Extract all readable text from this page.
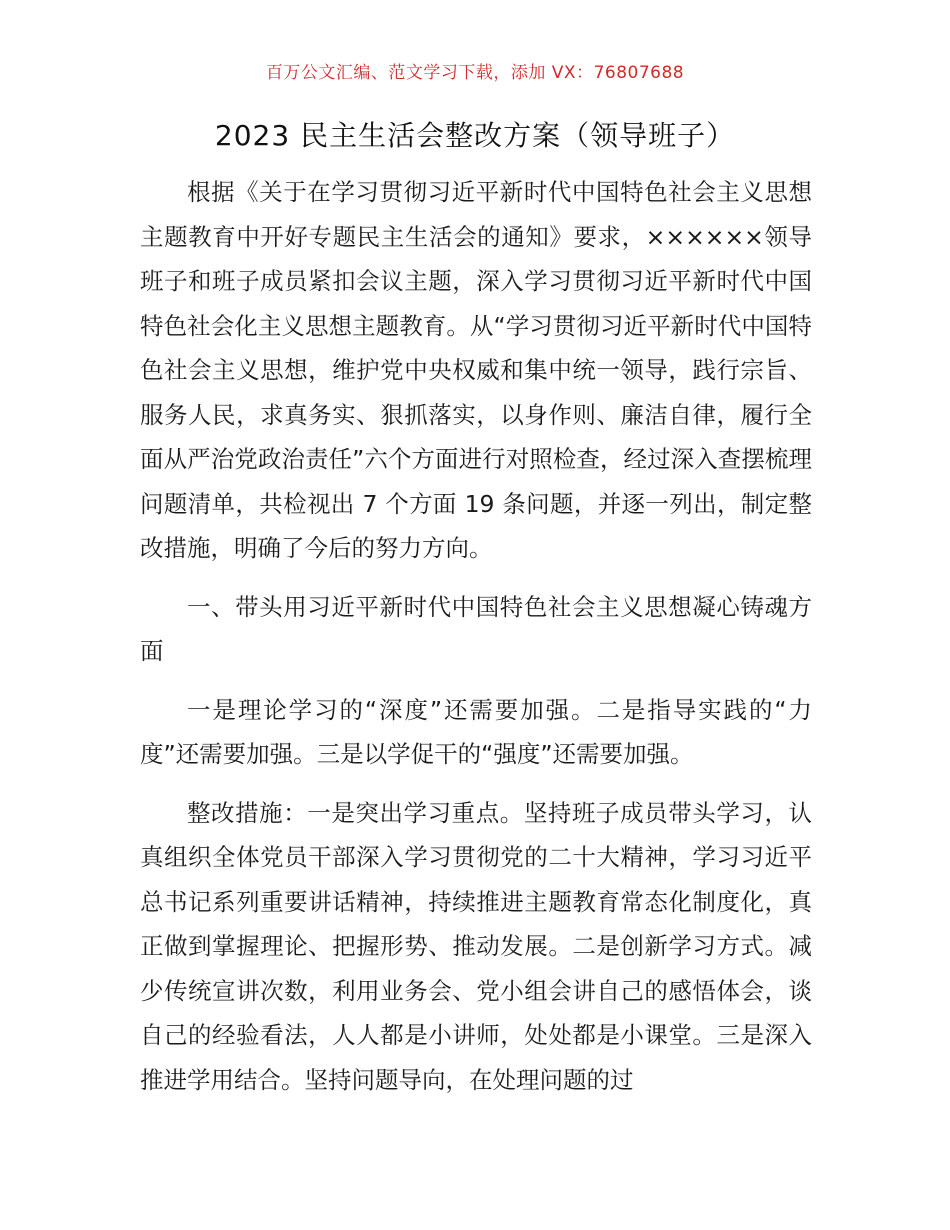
百万公文汇编、范文学习下载，添加 VX：76807688
2023 民主生活会整改方案（领导班子）

根据《关于在学习贯彻习近平新时代中国特色社会主义思想主题教育中开好专题民主生活会的通知》要求，××××××领导班子和班子成员紧扣会议主题，深入学习贯彻习近平新时代中国特色社会化主义思想主题教育。从“学习贯彻习近平新时代中国特色社会主义思想，维护党中央权威和集中统一领导，践行宗旨、服务人民，求真务实、狠抓落实，以身作则、廉洁自律，履行全面从严治党政治责任”六个方面进行对照检查，经过深入查摆梳理问题清单，共检视出 7 个方面 19 条问题，并逐一列出，制定整改措施，明确了今后的努力方向。

一、带头用习近平新时代中国特色社会主义思想凝心铸魂方面

一是理论学习的“深度”还需要加强。二是指导实践的“力度”还需要加强。三是以学促干的“强度”还需要加强。

整改措施：一是突出学习重点。坚持班子成员带头学习，认真组织全体党员干部深入学习贯彻党的二十大精神，学习习近平总书记系列重要讲话精神，持续推进主题教育常态化制度化，真正做到掌握理论、把握形势、推动发展。二是创新学习方式。减少传统宣讲次数，利用业务会、党小组会讲自己的感悟体会，谈自己的经验看法，人人都是小讲师，处处都是小课堂。三是深入推进学用结合。坚持问题导向，在处理问题的过
